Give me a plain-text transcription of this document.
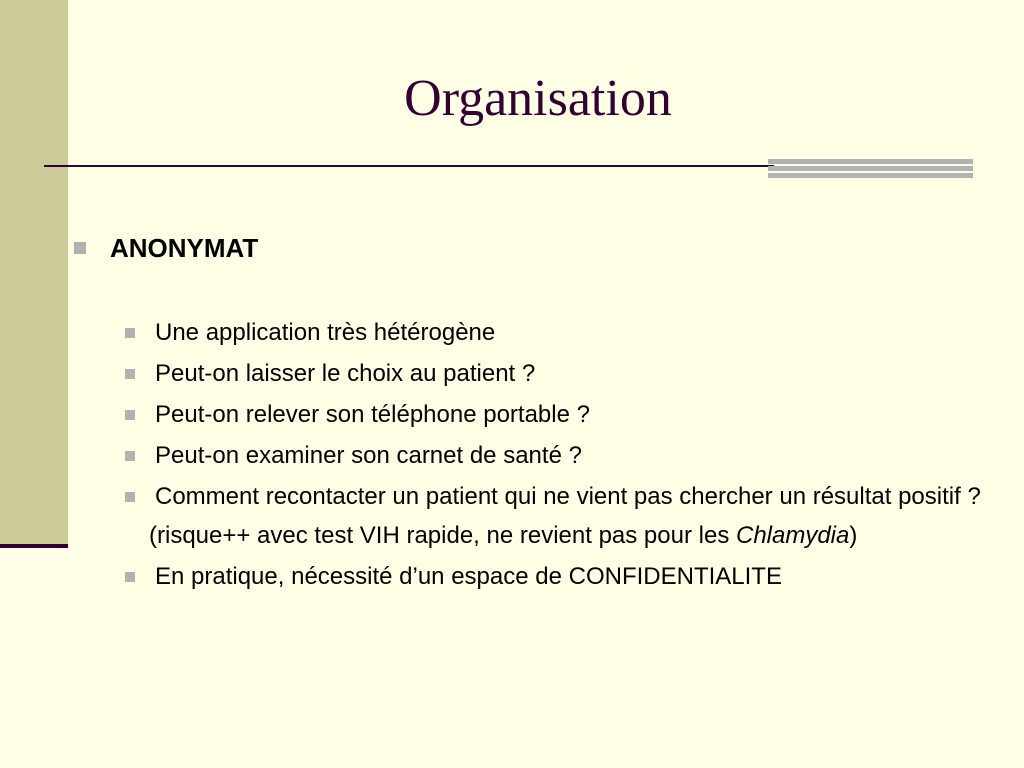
Organisation
ANONYMAT
Une application très hétérogène
Peut-on laisser le choix au patient ?
Peut-on relever son téléphone portable ?
Peut-on examiner son carnet de santé ?
Comment recontacter un patient qui ne vient pas chercher un résultat positif ?
(risque++ avec test VIH rapide, ne revient pas pour les Chlamydia)
En pratique, nécessité d’un espace de CONFIDENTIALITE
